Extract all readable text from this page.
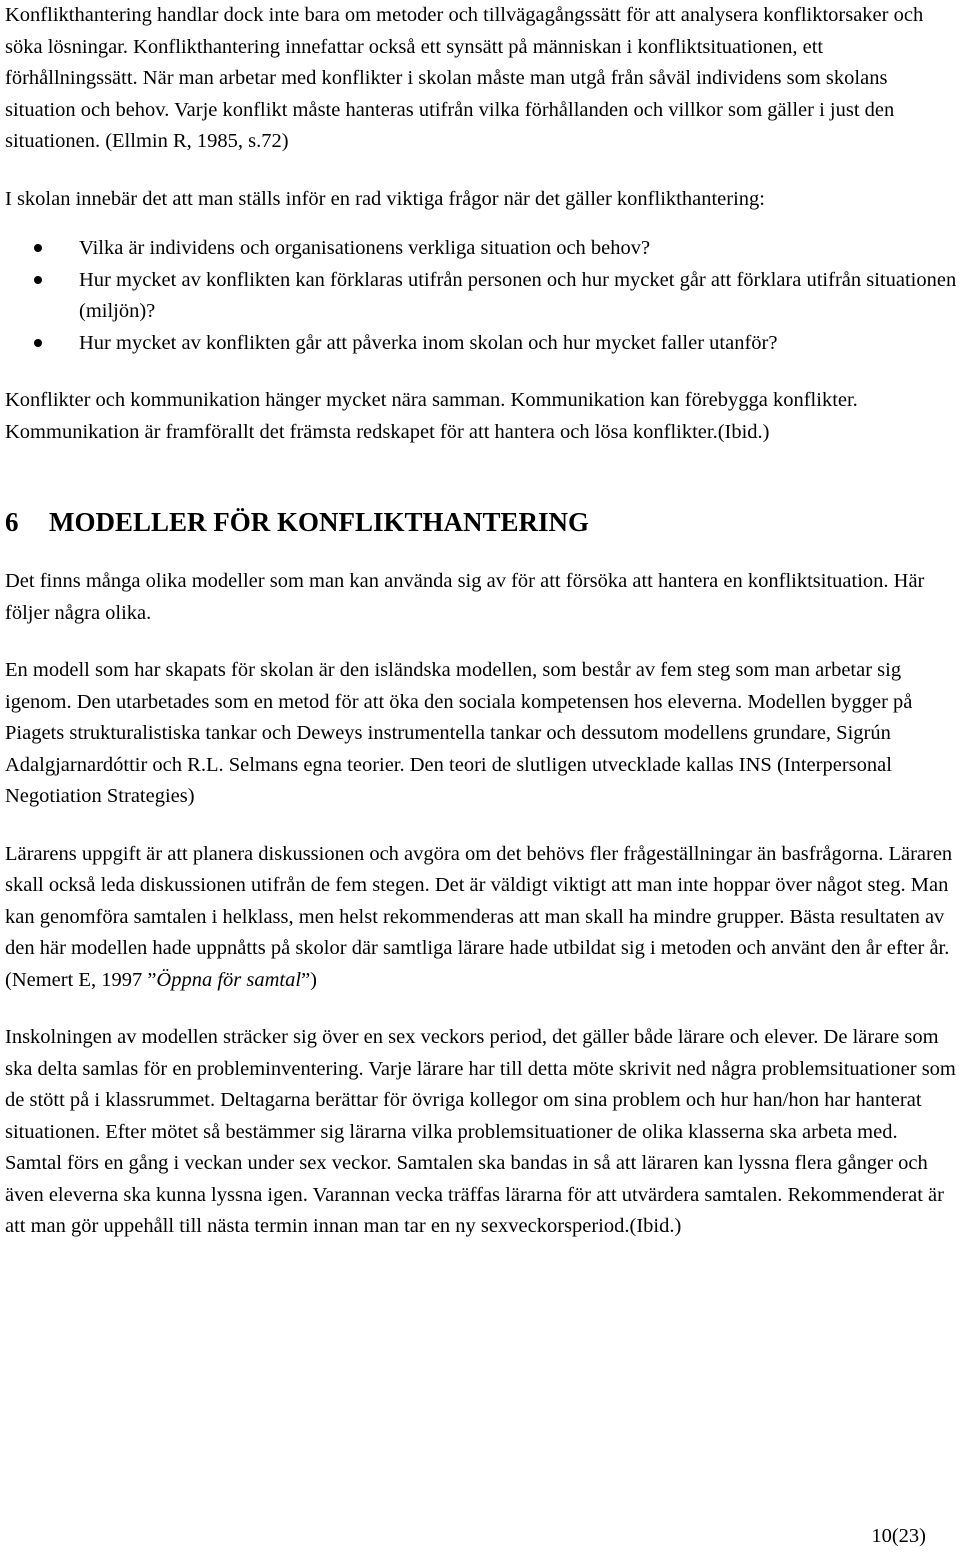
Konflikthantering handlar dock inte bara om metoder och tillvägagångssätt för att analysera konfliktorsaker och söka lösningar. Konflikthantering innefattar också ett synsätt på människan i konfliktsituationen, ett förhållningssätt. När man arbetar med konflikter i skolan måste man utgå från såväl individens som skolans situation och behov. Varje konflikt måste hanteras utifrån vilka förhållanden och villkor som gäller i just den situationen. (Ellmin R, 1985, s.72)

I skolan innebär det att man ställs inför en rad viktiga frågor när det gäller konflikthantering:

Vilka är individens och organisationens verkliga situation och behov?
Hur mycket av konflikten kan förklaras utifrån personen och hur mycket går att förklara utifrån situationen (miljön)?
Hur mycket av konflikten går att påverka inom skolan och hur mycket faller utanför?

Konflikter och kommunikation hänger mycket nära samman. Kommunikation kan förebygga konflikter. Kommunikation är framförallt det främsta redskapet för att hantera och lösa konflikter.(Ibid.)

6	MODELLER FÖR KONFLIKTHANTERING

Det finns många olika modeller som man kan använda sig av för att försöka att hantera en konfliktsituation. Här följer några olika.

En modell som har skapats för skolan är den isländska modellen, som består av fem steg som man arbetar sig igenom. Den utarbetades som en metod för att öka den sociala kompetensen hos eleverna. Modellen bygger på Piagets strukturalistiska tankar och Deweys instrumentella tankar och dessutom modellens grundare, Sigrún Adalgjarnardóttir och R.L. Selmans egna teorier. Den teori de slutligen utvecklade kallas INS (Interpersonal Negotiation Strategies)

Lärarens uppgift är att planera diskussionen och avgöra om det behövs fler frågeställningar än basfrågorna. Läraren skall också leda diskussionen utifrån de fem stegen. Det är väldigt viktigt att man inte hoppar över något steg. Man kan genomföra samtalen i helklass, men helst rekommenderas att man skall ha mindre grupper. Bästa resultaten av den här modellen hade uppnåtts på skolor där samtliga lärare hade utbildat sig i metoden och använt den år efter år. (Nemert E, 1997 ”Öppna för samtal”)

Inskolningen av modellen sträcker sig över en sex veckors period, det gäller både lärare och elever. De lärare som ska delta samlas för en probleminventering. Varje lärare har till detta möte skrivit ned några problemsituationer som de stött på i klassrummet. Deltagarna berättar för övriga kollegor om sina problem och hur han/hon har hanterat situationen. Efter mötet så bestämmer sig lärarna vilka problemsituationer de olika klasserna ska arbeta med. Samtal förs en gång i veckan under sex veckor. Samtalen ska bandas in så att läraren kan lyssna flera gånger och även eleverna ska kunna lyssna igen. Varannan vecka träffas lärarna för att utvärdera samtalen. Rekommenderat är att man gör uppehåll till nästa termin innan man tar en ny sexveckorsperiod.(Ibid.)

10(23)
